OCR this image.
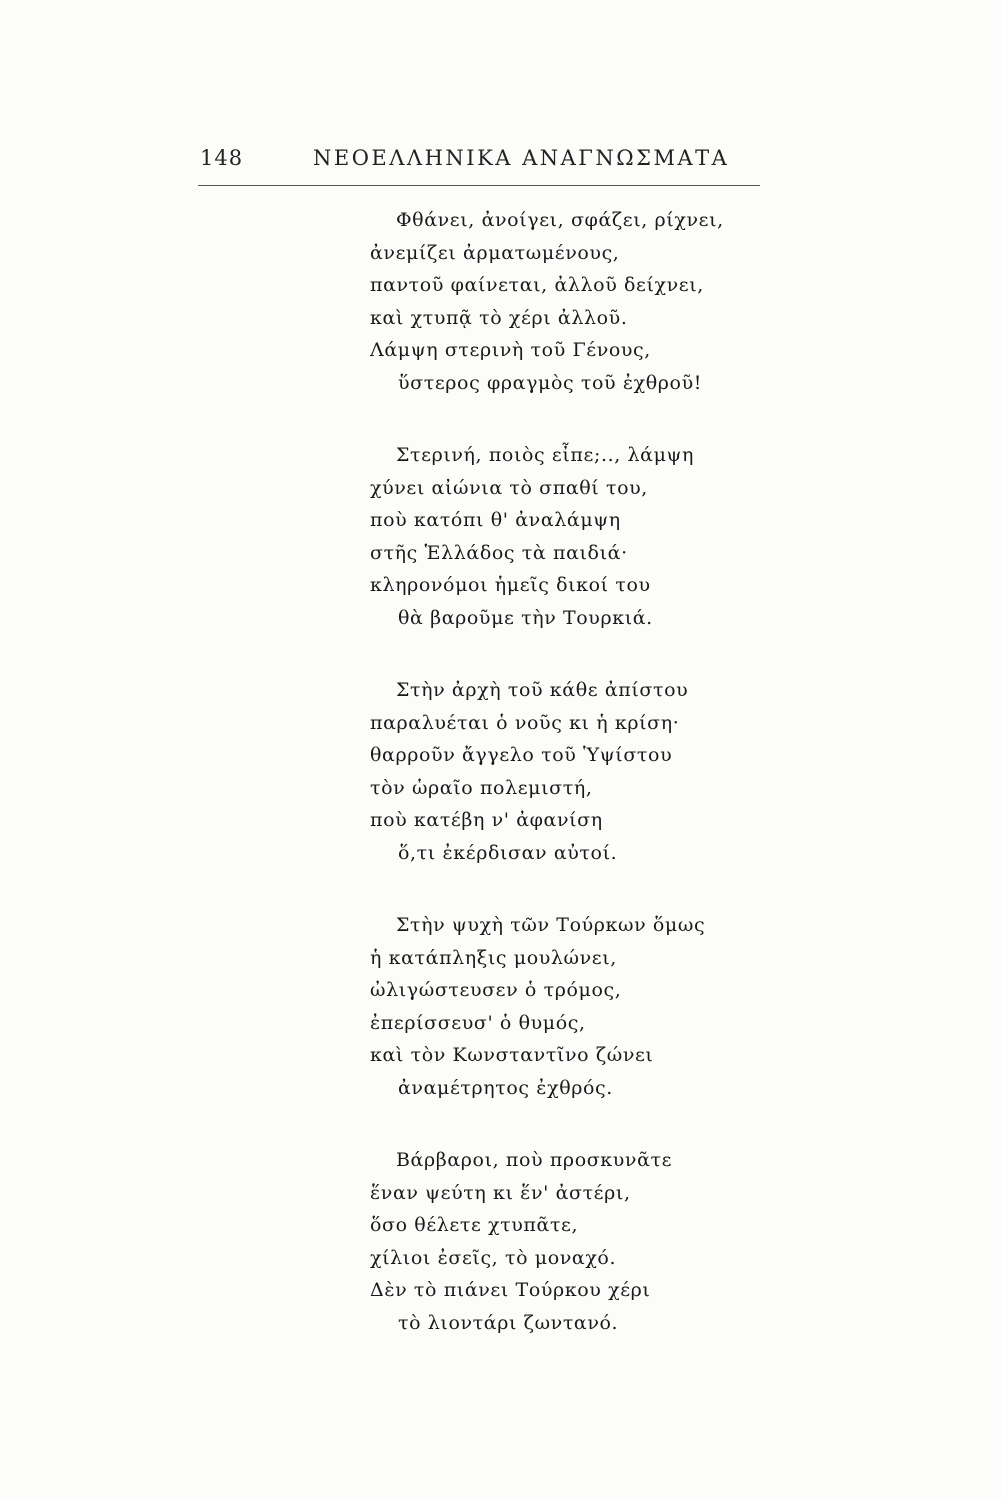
148	ΝΕΟΕΛΛΗΝΙΚΑ ΑΝΑΓΝΩΣΜΑΤΑ
Φθάνει, ἀνοίγει, σφάζει, ρίχνει,
ἀνεμίζει ἀρματωμένους,
παντοῦ φαίνεται, ἀλλοῦ δείχνει,
καὶ χτυπᾷ τὸ χέρι ἀλλοῦ.
Λάμψη στερινὴ τοῦ Γένους,
ὕστερος φραγμὸς τοῦ ἐχθροῦ!
Στερινή, ποιὸς εἶπε;.., λάμψη
χύνει αἰώνια τὸ σπαθί του,
ποὺ κατόπι θ' ἀναλάμψη
στῆς Ἑλλάδος τὰ παιδιά·
κληρονόμοι ἡμεῖς δικοί του
θὰ βαροῦμε τὴν Τουρκιά.
Στὴν ἀρχὴ τοῦ κάθε ἀπίστου
παραλυέται ὁ νοῦς κι ἡ κρίση·
θαρροῦν ἄγγελο τοῦ Ὑψίστου
τὸν ὡραῖο πολεμιστή,
ποὺ κατέβη ν' ἀφανίση
ὅ,τι ἐκέρδισαν αὐτοί.
Στὴν ψυχὴ τῶν Τούρκων ὅμως
ἡ κατάπληξις μουλώνει,
ὠλιγώστευσεν ὁ τρόμος,
ἐπερίσσευσ' ὁ θυμός,
καὶ τὸν Κωνσταντῖνο ζώνει
ἀναμέτρητος ἐχθρός.
Βάρβαροι, ποὺ προσκυνᾶτε
ἕναν ψεύτη κι ἕν' ἀστέρι,
ὅσο θέλετε χτυπᾶτε,
χίλιοι ἐσεῖς, τὸ μοναχό.
Δὲν τὸ πιάνει Τούρκου χέρι
τὸ λιοντάρι ζωντανό.
